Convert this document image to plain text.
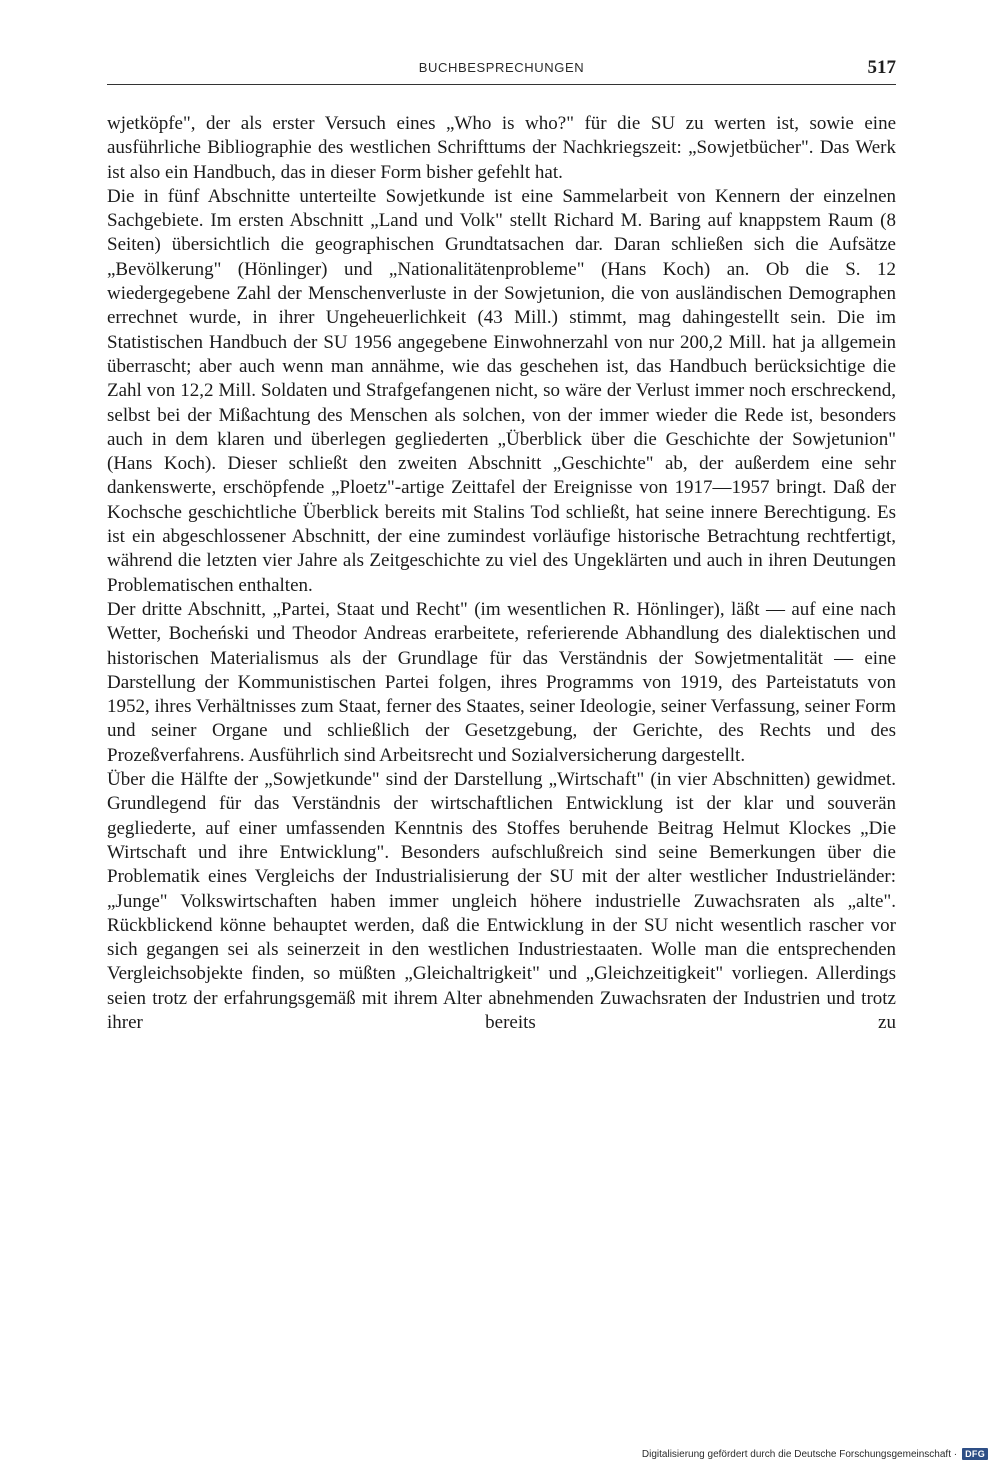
BUCHBESPRECHUNGEN	517

wjetköpfe", der als erster Versuch eines „Who is who?" für die SU zu werten ist, sowie eine ausführliche Bibliographie des westlichen Schrifttums der Nachkriegszeit: „Sowjetbücher". Das Werk ist also ein Handbuch, das in dieser Form bisher gefehlt hat.

Die in fünf Abschnitte unterteilte Sowjetkunde ist eine Sammelarbeit von Kennern der einzelnen Sachgebiete. Im ersten Abschnitt „Land und Volk" stellt Richard M. Baring auf knappstem Raum (8 Seiten) übersichtlich die geographischen Grundtatsachen dar. Daran schließen sich die Aufsätze „Bevölkerung" (Hönlinger) und „Nationalitätenprobleme" (Hans Koch) an. Ob die S. 12 wiedergegebene Zahl der Menschenverluste in der Sowjetunion, die von ausländischen Demographen errechnet wurde, in ihrer Ungeheuerlichkeit (43 Mill.) stimmt, mag dahingestellt sein. Die im Statistischen Handbuch der SU 1956 angegebene Einwohnerzahl von nur 200,2 Mill. hat ja allgemein überrascht; aber auch wenn man annähme, wie das geschehen ist, das Handbuch berücksichtige die Zahl von 12,2 Mill. Soldaten und Strafgefangenen nicht, so wäre der Verlust immer noch erschreckend, selbst bei der Mißachtung des Menschen als solchen, von der immer wieder die Rede ist, besonders auch in dem klaren und überlegen gegliederten „Überblick über die Geschichte der Sowjetunion" (Hans Koch). Dieser schließt den zweiten Abschnitt „Geschichte" ab, der außerdem eine sehr dankenswerte, erschöpfende „Ploetz"-artige Zeittafel der Ereignisse von 1917—1957 bringt. Daß der Kochsche geschichtliche Überblick bereits mit Stalins Tod schließt, hat seine innere Berechtigung. Es ist ein abgeschlossener Abschnitt, der eine zumindest vorläufige historische Betrachtung rechtfertigt, während die letzten vier Jahre als Zeitgeschichte zu viel des Ungeklärten und auch in ihren Deutungen Problematischen enthalten.

Der dritte Abschnitt, „Partei, Staat und Recht" (im wesentlichen R. Hönlinger), läßt — auf eine nach Wetter, Bocheński und Theodor Andreas erarbeitete, referierende Abhandlung des dialektischen und historischen Materialismus als der Grundlage für das Verständnis der Sowjetmentalität — eine Darstellung der Kommunistischen Partei folgen, ihres Programms von 1919, des Parteistatuts von 1952, ihres Verhältnisses zum Staat, ferner des Staates, seiner Ideologie, seiner Verfassung, seiner Form und seiner Organe und schließlich der Gesetzgebung, der Gerichte, des Rechts und des Prozeßverfahrens. Ausführlich sind Arbeitsrecht und Sozialversicherung dargestellt.

Über die Hälfte der „Sowjetkunde" sind der Darstellung „Wirtschaft" (in vier Abschnitten) gewidmet. Grundlegend für das Verständnis der wirtschaftlichen Entwicklung ist der klar und souverän gegliederte, auf einer umfassenden Kenntnis des Stoffes beruhende Beitrag Helmut Klockes „Die Wirtschaft und ihre Entwicklung". Besonders aufschlußreich sind seine Bemerkungen über die Problematik eines Vergleichs der Industrialisierung der SU mit der alter westlicher Industrieländer: „Junge" Volkswirtschaften haben immer ungleich höhere industrielle Zuwachsraten als „alte". Rückblickend könne behauptet werden, daß die Entwicklung in der SU nicht wesentlich rascher vor sich gegangen sei als seinerzeit in den westlichen Industriestaaten. Wolle man die entsprechenden Vergleichsobjekte finden, so müßten „Gleichaltrigkeit" und „Gleichzeitigkeit" vorliegen. Allerdings seien trotz der erfahrungsgemäß mit ihrem Alter abnehmenden Zuwachsraten der Industrien und trotz ihrer bereits zu

Digitalisierung gefördert durch die Deutsche Forschungsgemeinschaft · DFG
